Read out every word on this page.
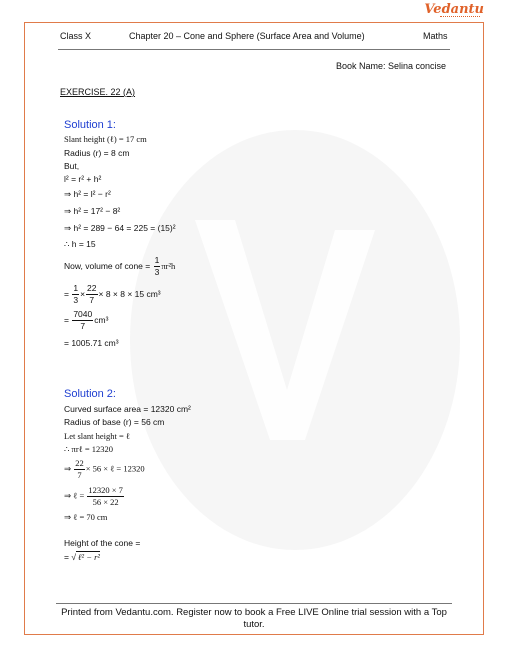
Vedantu
Class X	Chapter 20 – Cone and Sphere (Surface Area and Volume)	Maths
Book Name: Selina concise
EXERCISE. 22 (A)
Solution 1:
Slant height (ℓ) = 17 cm
Radius (r) = 8 cm
But,
l² = r² + h²
⇒ h² = l² − r²
⇒ h² = 17² − 8²
⇒ h² = 289 − 64 = 225 = (15)²
∴ h = 15
Now, volume of cone = $\frac{1}{3} \pi r^2h$
= $\frac{1}{3} \times \frac{22}{7} \times 8 \times 8 \times 15$ cm³
= $\frac{7040}{7} cm^3$
= 1005.71 cm³
Solution 2:
Curved surface area = 12320 cm²
Radius of base (r) = 56 cm
Let slant height = ℓ
∴ πrℓ = 12320
⇒ $\frac{22}{7} \times 56$ × ℓ = 12320
⇒ ℓ = $\frac{12320 \times 7}{56 \times 22}$
⇒ ℓ = 70 cm
Height of the cone =
= √ ℓ² − r²
Printed from Vedantu.com. Register now to book a Free LIVE Online trial session with a Top tutor.
